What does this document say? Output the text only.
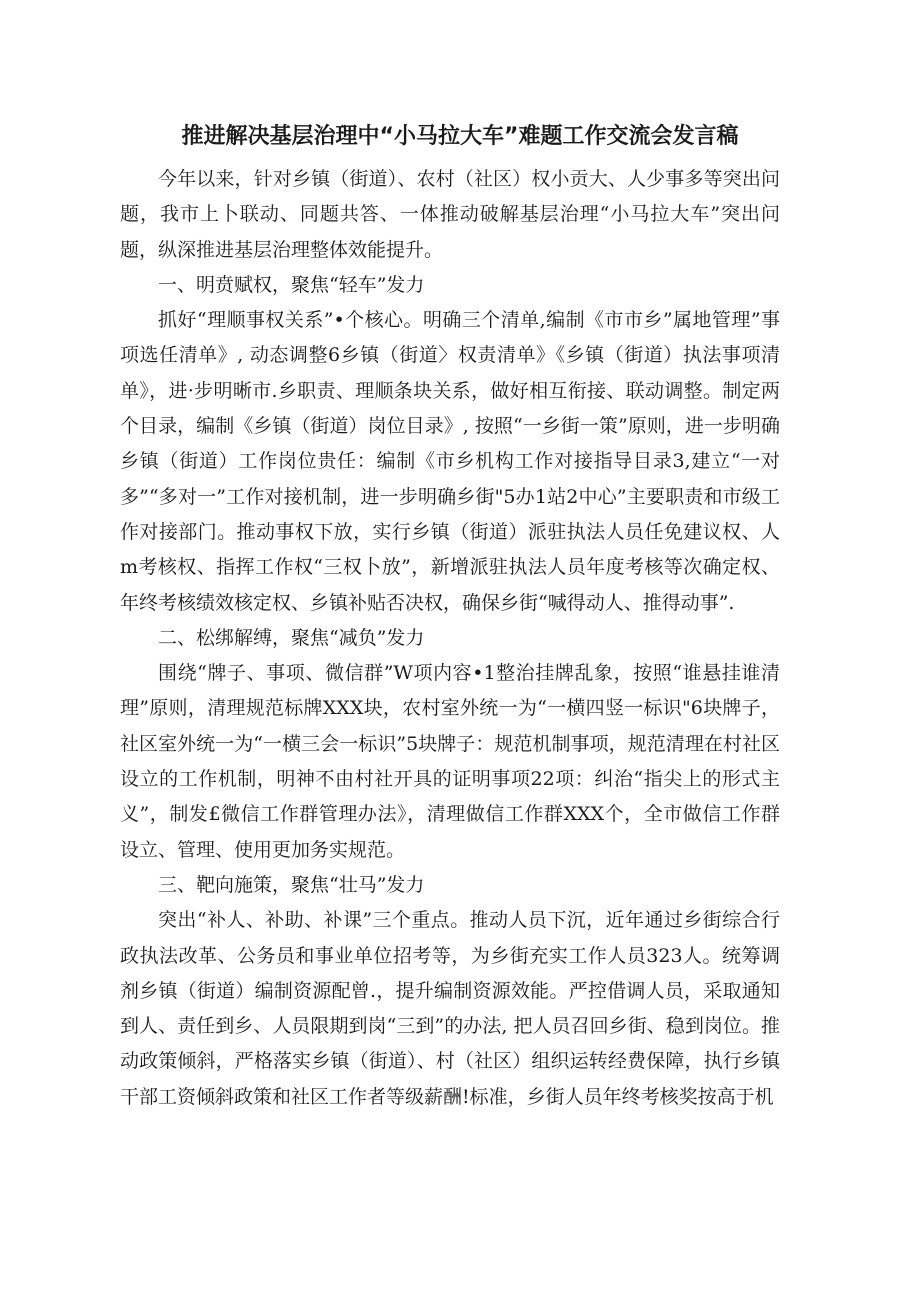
推进解决基层治理中“小马拉大车”难题工作交流会发言稿

今年以来，针对乡镇（街道）、农村（社区）权小贡大、人少事多等突出问题，我市上卜联动、同题共答、一体推动破解基层治理“小马拉大车”突出问题，纵深推进基层治理整体效能提升。

一、明贲赋权，聚焦“轻车”发力

抓好“理顺事权关系”•个核心。明确三个清单,编制《市市乡”属地管理”事项选任清单》, 动态调整6乡镇（街道〉权责清单》《乡镇（街道）执法事项清单》，进·步明晰市.乡职责、理顺条块关系，做好相互衔接、联动调整。制定两个目录，编制《乡镇（街道）岗位目录》, 按照“一乡街一策”原则，进一步明确乡镇（街道）工作岗位贵任：编制《市乡机构工作对接指导目录3,建立“一对多”“多对一”工作对接机制，进一步明确乡街"5办1站2中心”主要职责和市级工作对接部门。推动事权下放，实行乡镇（街道）派驻执法人员任免建议权、人m考核权、指挥工作权“三权卜放”，新增派驻执法人员年度考核等次确定权、年终考核绩效核定权、乡镇补贴否决权，确保乡街“喊得动人、推得动事”.

二、松绑解缚，聚焦“减负”发力

围绕“牌子、事项、微信群”W项内容•1整治挂牌乱象，按照“谁悬挂谁清理”原则，清理规范标牌XXX块，农村室外统一为“一横四竖一标识"6块牌子，社区室外统一为“一横三会一标识”5块牌子：规范机制事项，规范清理在村社区设立的工作机制，明神不由村社开具的证明事项22项：纠治“指尖上的形式主义”，制发£微信工作群管理办法》，清理做信工作群XXX个，全市做信工作群设立、管理、使用更加务实规范。

三、靶向施策，聚焦“壮马”发力

突出“补人、补助、补课”三个重点。推动人员下沉，近年通过乡街综合行政执法改革、公务员和事业单位招考等，为乡街充实工作人员323人。统筹调剂乡镇（街道）编制资源配曾.，提升编制资源效能。严控借调人员，采取通知到人、责任到乡、人员限期到岗“三到”的办法, 把人员召回乡街、稳到岗位。推动政策倾斜，严格落实乡镇（街道）、村（社区）组织运转经费保障，执行乡镇干部工资倾斜政策和社区工作者等级薪酬!标准，乡街人员年终考核奖按高于机
